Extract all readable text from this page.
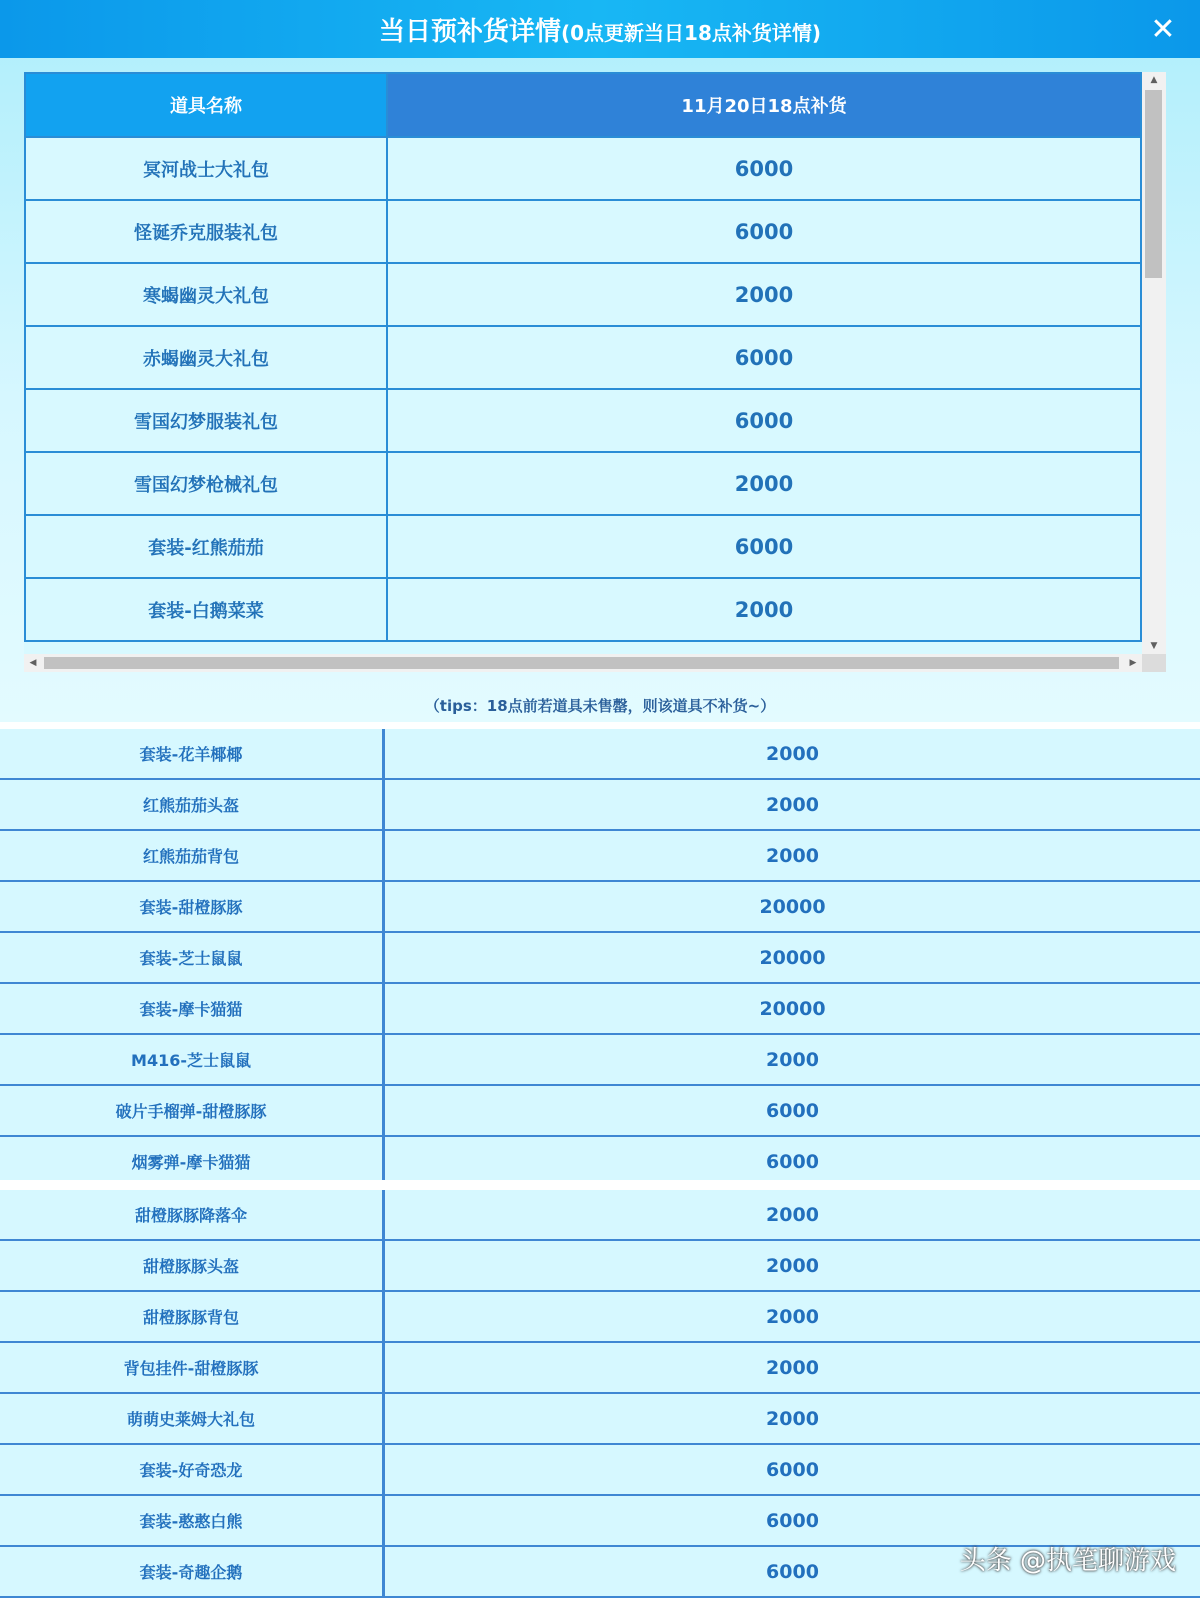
当日预补货详情 (0点更新当日18点补货详情)	✕
道具名称	11月20日18点补货
冥河战士大礼包	6000
怪诞乔克服装礼包	6000
寒蝎幽灵大礼包	2000
赤蝎幽灵大礼包	6000
雪国幻梦服装礼包	6000
雪国幻梦枪械礼包	2000
套装-红熊茄茄	6000
套装-白鹅菜菜	2000
▲
▼
◀	▶
（tips：18点前若道具未售罄，则该道具不补货~）
套装-花羊椰椰	2000
红熊茄茄头盔	2000
红熊茄茄背包	2000
套装-甜橙豚豚	20000
套装-芝士鼠鼠	20000
套装-摩卡猫猫	20000
M416-芝士鼠鼠	2000
破片手榴弹-甜橙豚豚	6000
烟雾弹-摩卡猫猫	6000
甜橙豚豚降落伞	2000
甜橙豚豚头盔	2000
甜橙豚豚背包	2000
背包挂件-甜橙豚豚	2000
萌萌史莱姆大礼包	2000
套装-好奇恐龙	6000
套装-憨憨白熊	6000
套装-奇趣企鹅	6000	头条 @执笔聊游戏
